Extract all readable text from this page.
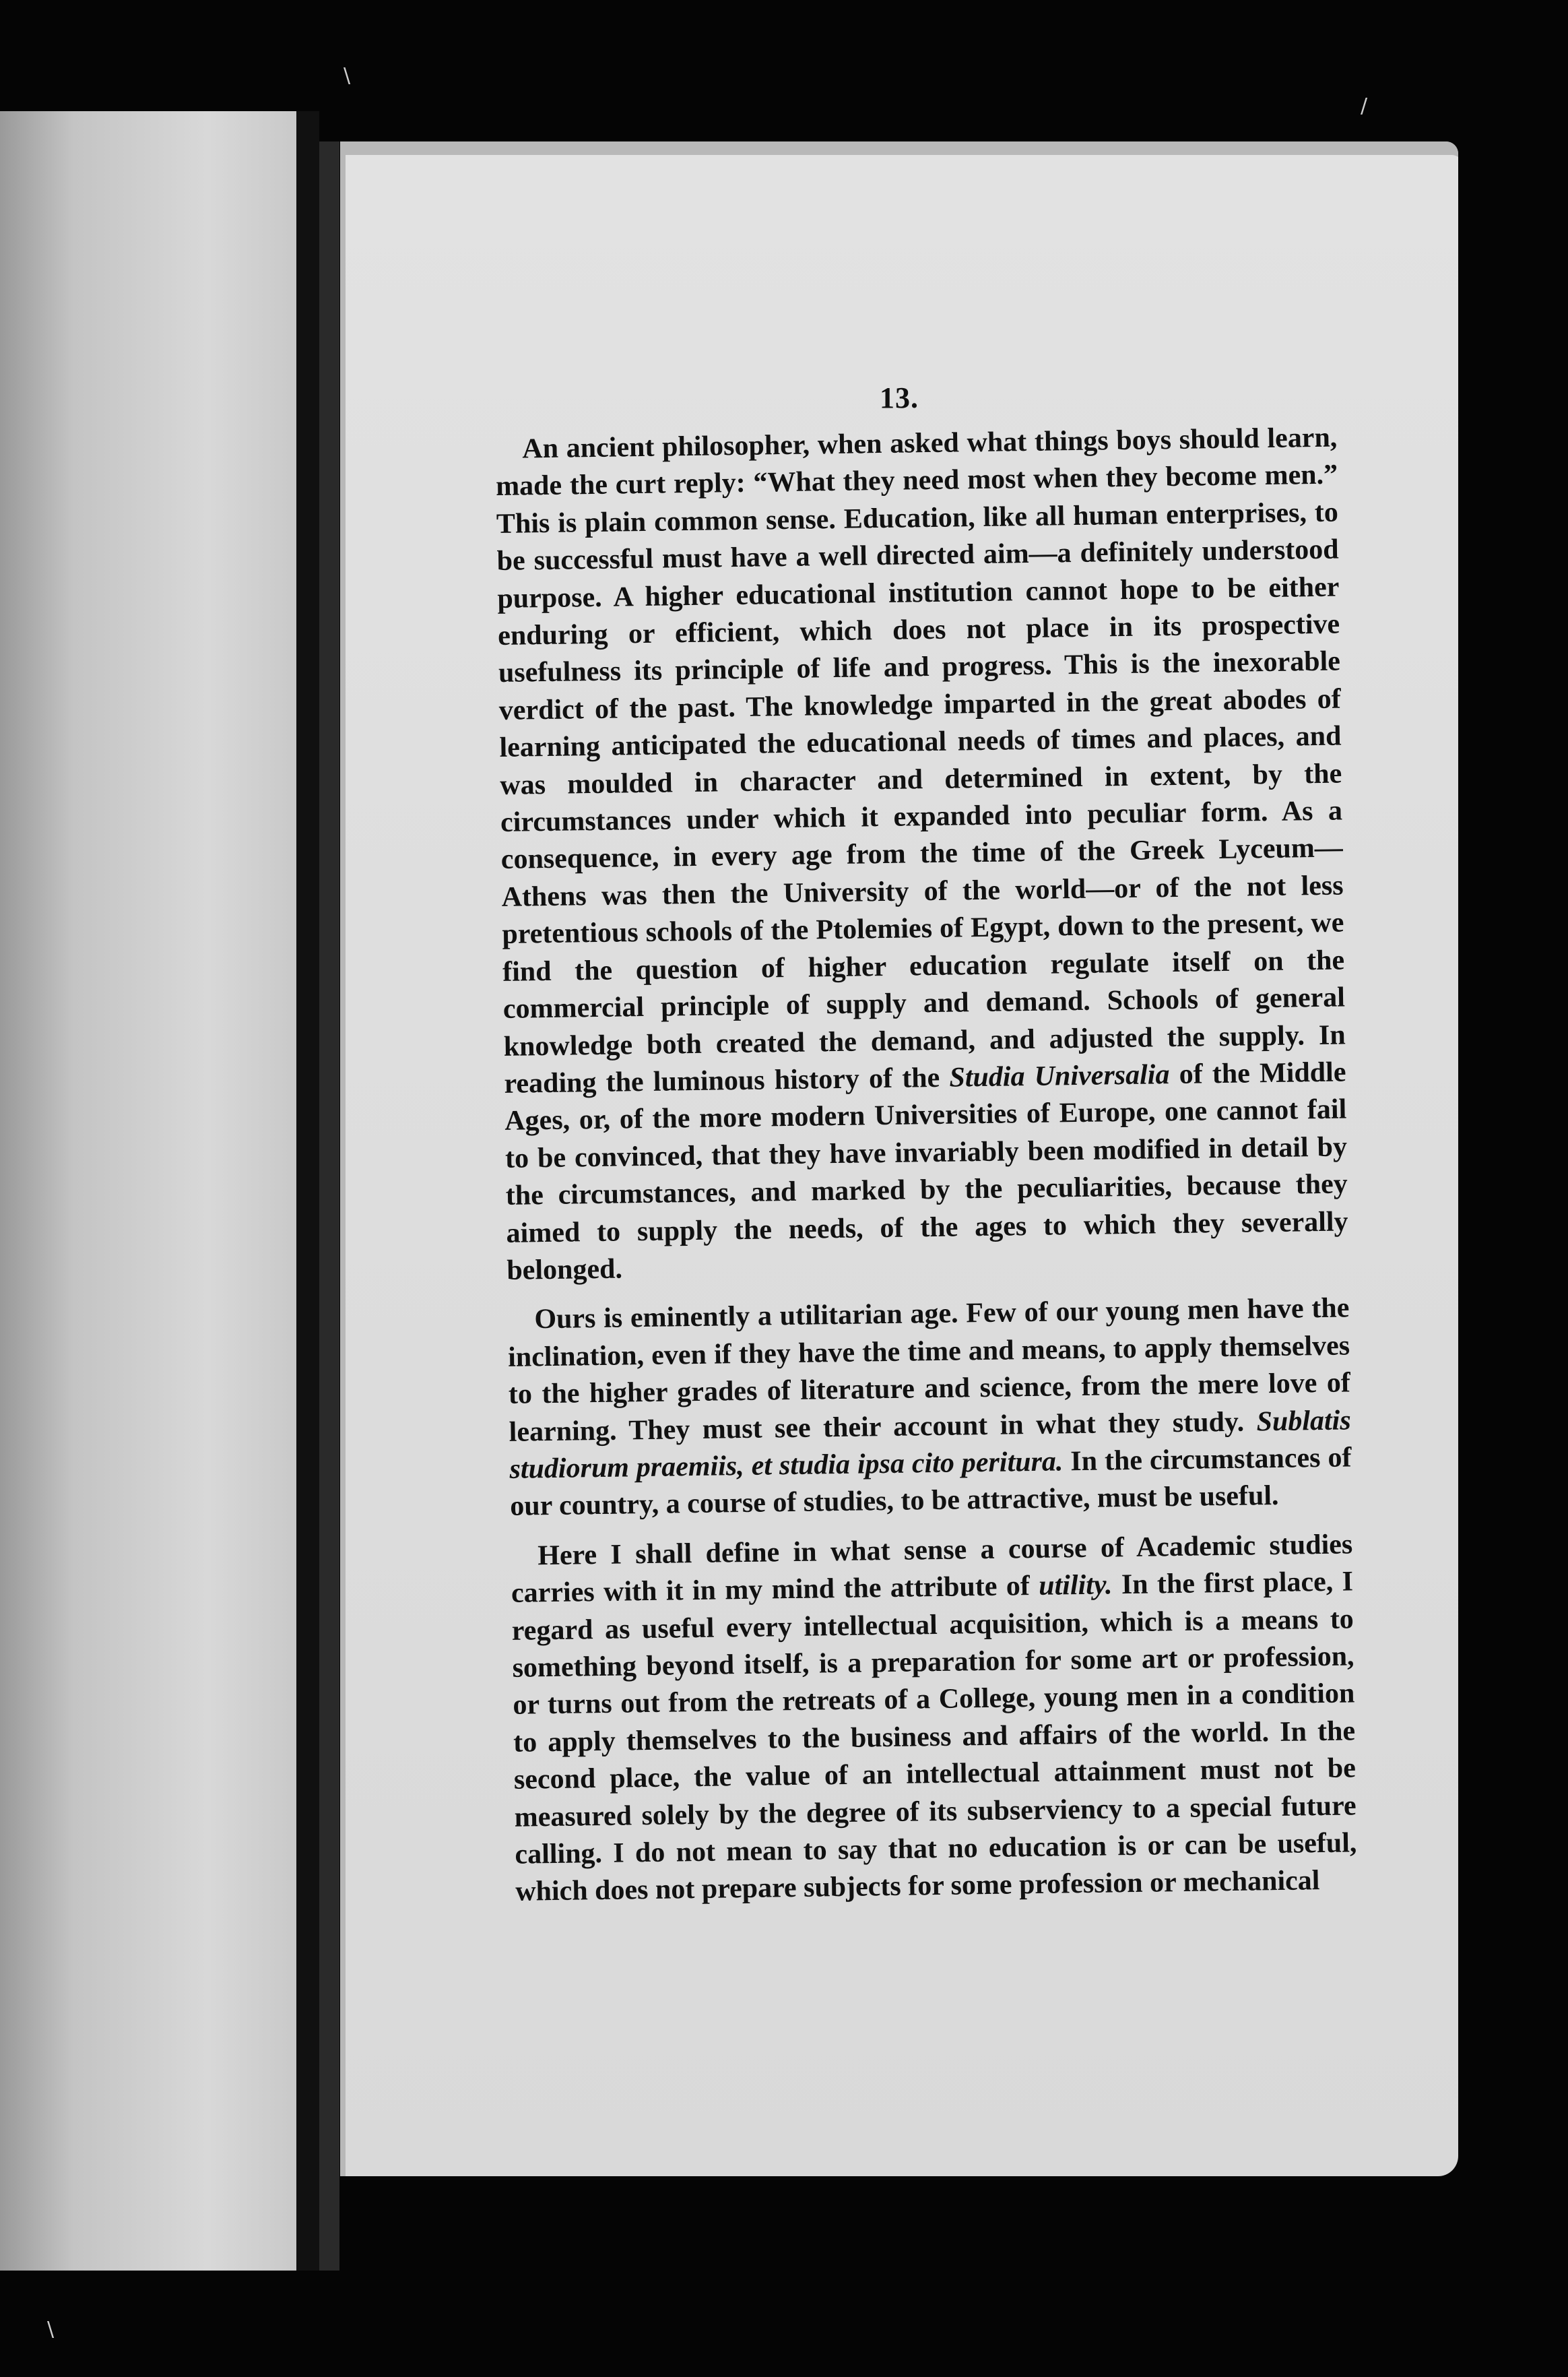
13.

An ancient philosopher, when asked what things boys should learn, made the curt reply: “What they need most when they become men.” This is plain common sense. Education, like all human enterprises, to be successful must have a well directed aim—a definitely understood purpose. A higher educational institution cannot hope to be either enduring or efficient, which does not place in its prospective usefulness its principle of life and progress. This is the inexorable verdict of the past. The knowledge imparted in the great abodes of learning anticipated the educational needs of times and places, and was moulded in character and determined in extent, by the circumstances under which it expanded into peculiar form. As a consequence, in every age from the time of the Greek Lyceum—Athens was then the University of the world—or of the not less pretentious schools of the Ptolemies of Egypt, down to the present, we find the question of higher education regulate itself on the commercial principle of supply and demand. Schools of general knowledge both created the demand, and adjusted the supply. In reading the luminous history of the Studia Universalia of the Middle Ages, or, of the more modern Universities of Europe, one cannot fail to be convinced, that they have invariably been modified in detail by the circumstances, and marked by the peculiarities, because they aimed to supply the needs, of the ages to which they severally belonged.

Ours is eminently a utilitarian age. Few of our young men have the inclination, even if they have the time and means, to apply themselves to the higher grades of literature and science, from the mere love of learning. They must see their account in what they study. Sublatis studiorum praemiis, et studia ipsa cito peritura. In the circumstances of our country, a course of studies, to be attractive, must be useful.

Here I shall define in what sense a course of Academic studies carries with it in my mind the attribute of utility. In the first place, I regard as useful every intellectual acquisition, which is a means to something beyond itself, is a preparation for some art or profession, or turns out from the retreats of a College, young men in a condition to apply themselves to the business and affairs of the world. In the second place, the value of an intellectual attainment must not be measured solely by the degree of its subserviency to a special future calling. I do not mean to say that no education is or can be useful, which does not prepare subjects for some profession or mechanical

\
/
\
